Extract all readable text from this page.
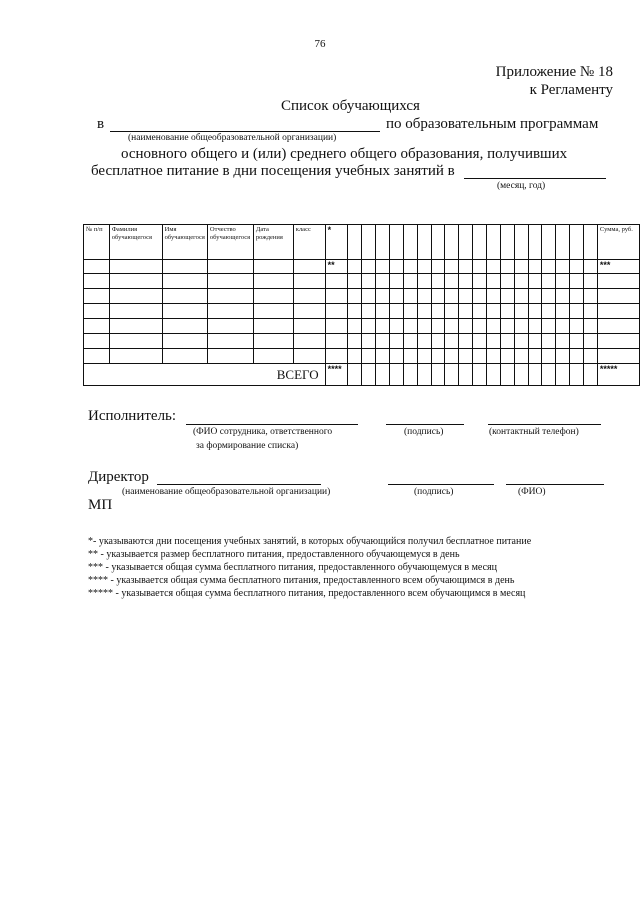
76
Приложение № 18
к Регламенту
Список обучающихся
в	по образовательным программам
(наименование общеобразовательной организации)
основного общего и (или) среднего общего образования, получивших
бесплатное питание в дни посещения учебных занятий в
(месяц, год)
№ п/п	Фамилия обучающегося	Имя обучающегося	Отчество обучающегося	Дата рождения	класс	*																			Сумма, руб.
						**																			***

ВСЕГО						****																			*****
Исполнитель:
(ФИО сотрудника, ответственного
за формирование списка)
(подпись)	(контактный телефон)
Директор
(наименование общеобразовательной организации)	(подпись)	(ФИО)
МП
*- указываются дни посещения учебных занятий, в которых обучающийся получил бесплатное питание
** - указывается размер бесплатного питания, предоставленного обучающемуся в день
*** - указывается общая сумма бесплатного питания, предоставленного обучающемуся в месяц
**** - указывается общая сумма бесплатного питания, предоставленного всем обучающимся в день
***** - указывается общая сумма бесплатного питания, предоставленного всем обучающимся в месяц
